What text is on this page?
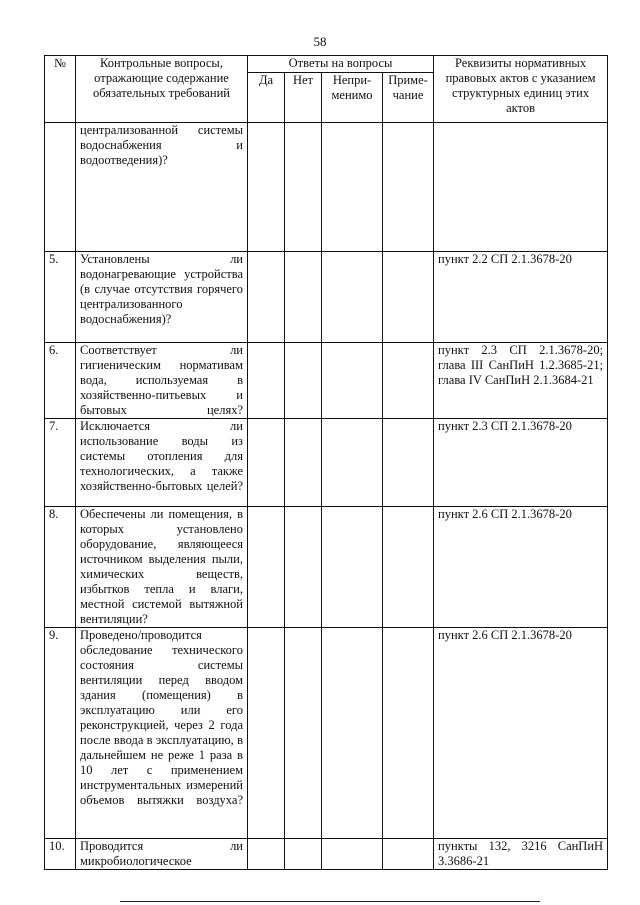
58
№	Контрольные вопросы, отражающие содержание обязательных требований	Ответы на вопросы				Реквизиты нормативных правовых актов с указанием структурных единиц этих актов
		Да	Нет	Непри-менимо	Приме-чание	
	централизованной системы водоснабжения и водоотведения)?					
5.	Установлены ли водонагревающие устройства (в случае отсутствия горячего централизованного водоснабжения)?					пункт 2.2 СП 2.1.3678-20
6.	Соответствует ли гигиеническим нормативам вода, используемая в хозяйственно-питьевых и бытовых целях?					пункт 2.3 СП 2.1.3678-20; глава III СанПиН 1.2.3685-21; глава IV СанПиН 2.1.3684-21
7.	Исключается ли использование воды из системы отопления для технологических, а также хозяйственно-бытовых целей?					пункт 2.3 СП 2.1.3678-20
8.	Обеспечены ли помещения, в которых установлено оборудование, являющееся источником выделения пыли, химических веществ, избытков тепла и влаги, местной системой вытяжной вентиляции?					пункт 2.6 СП 2.1.3678-20
9.	Проведено/проводится обследование технического состояния системы вентиляции перед вводом здания (помещения) в эксплуатацию или его реконструкцией, через 2 года после ввода в эксплуатацию, в дальнейшем не реже 1 раза в 10 лет с применением инструментальных измерений объемов вытяжки воздуха?					пункт 2.6 СП 2.1.3678-20
10.	Проводится ли микробиологическое					пункты 132, 3216 СанПиН 3.3686-21
